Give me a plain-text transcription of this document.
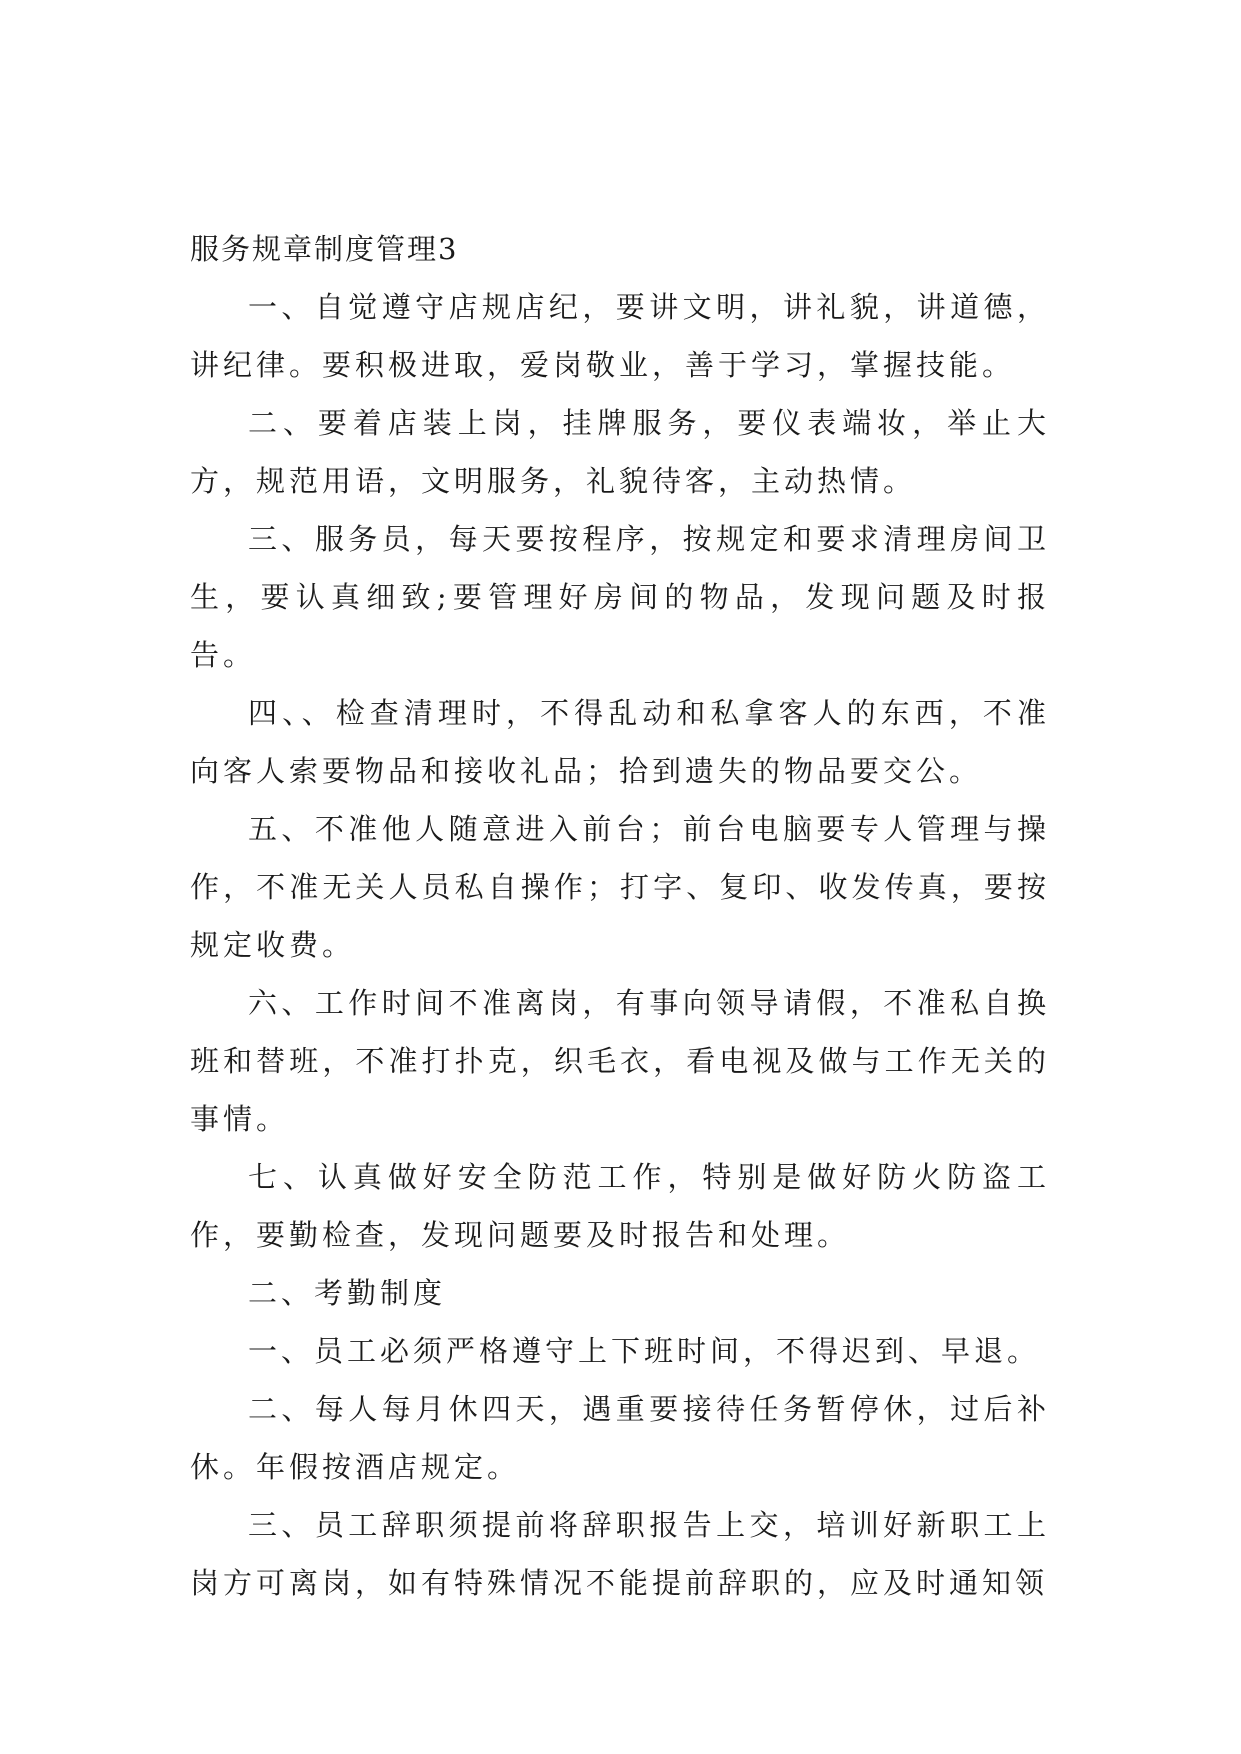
服务规章制度管理3

一、自觉遵守店规店纪，要讲文明，讲礼貌，讲道德，讲纪律。要积极进取，爱岗敬业，善于学习，掌握技能。

二、要着店装上岗，挂牌服务，要仪表端妆，举止大方，规范用语，文明服务，礼貌待客，主动热情。

三、服务员，每天要按程序，按规定和要求清理房间卫生，要认真细致;要管理好房间的物品，发现问题及时报告。

四、、检查清理时，不得乱动和私拿客人的东西，不准向客人索要物品和接收礼品；拾到遗失的物品要交公。

五、不准他人随意进入前台；前台电脑要专人管理与操作，不准无关人员私自操作；打字、复印、收发传真，要按规定收费。

六、工作时间不准离岗，有事向领导请假，不准私自换班和替班，不准打扑克，织毛衣，看电视及做与工作无关的事情。

七、认真做好安全防范工作，特别是做好防火防盗工作，要勤检查，发现问题要及时报告和处理。

二、考勤制度

一、员工必须严格遵守上下班时间，不得迟到、早退。

二、每人每月休四天，遇重要接待任务暂停休，过后补休。年假按酒店规定。

三、员工辞职须提前将辞职报告上交，培训好新职工上岗方可离岗，如有特殊情况不能提前辞职的，应及时通知领
